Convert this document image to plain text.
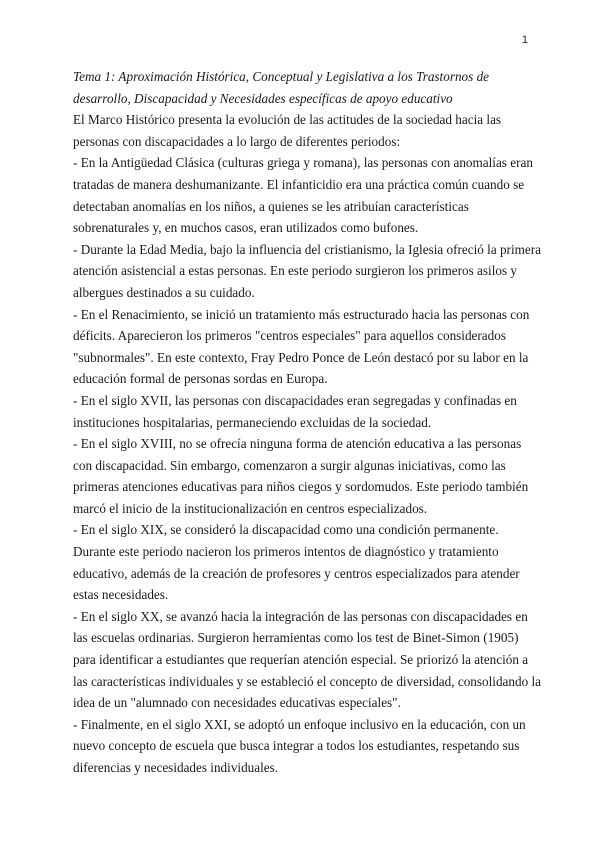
1
Tema 1: Aproximación Histórica, Conceptual y Legislativa a los Trastornos de desarrollo, Discapacidad y Necesidades específicas de apoyo educativo

El Marco Histórico presenta la evolución de las actitudes de la sociedad hacia las personas con discapacidades a lo largo de diferentes periodos:

- En la Antigüedad Clásica (culturas griega y romana), las personas con anomalías eran tratadas de manera deshumanizante. El infanticidio era una práctica común cuando se detectaban anomalías en los niños, a quienes se les atribuían características sobrenaturales y, en muchos casos, eran utilizados como bufones.

- Durante la Edad Media, bajo la influencia del cristianismo, la Iglesia ofreció la primera atención asistencial a estas personas. En este periodo surgieron los primeros asilos y albergues destinados a su cuidado.

- En el Renacimiento, se inició un tratamiento más estructurado hacia las personas con déficits. Aparecieron los primeros "centros especiales" para aquellos considerados "subnormales". En este contexto, Fray Pedro Ponce de León destacó por su labor en la educación formal de personas sordas en Europa.

- En el siglo XVII, las personas con discapacidades eran segregadas y confinadas en instituciones hospitalarias, permaneciendo excluidas de la sociedad.

- En el siglo XVIII, no se ofrecía ninguna forma de atención educativa a las personas con discapacidad. Sin embargo, comenzaron a surgir algunas iniciativas, como las primeras atenciones educativas para niños ciegos y sordomudos. Este periodo también marcó el inicio de la institucionalización en centros especializados.

- En el siglo XIX, se consideró la discapacidad como una condición permanente. Durante este periodo nacieron los primeros intentos de diagnóstico y tratamiento educativo, además de la creación de profesores y centros especializados para atender estas necesidades.

- En el siglo XX, se avanzó hacia la integración de las personas con discapacidades en las escuelas ordinarias. Surgieron herramientas como los test de Binet-Simon (1905) para identificar a estudiantes que requerían atención especial. Se priorizó la atención a las características individuales y se estableció el concepto de diversidad, consolidando la idea de un "alumnado con necesidades educativas especiales".

- Finalmente, en el siglo XXI, se adoptó un enfoque inclusivo en la educación, con un nuevo concepto de escuela que busca integrar a todos los estudiantes, respetando sus diferencias y necesidades individuales.
